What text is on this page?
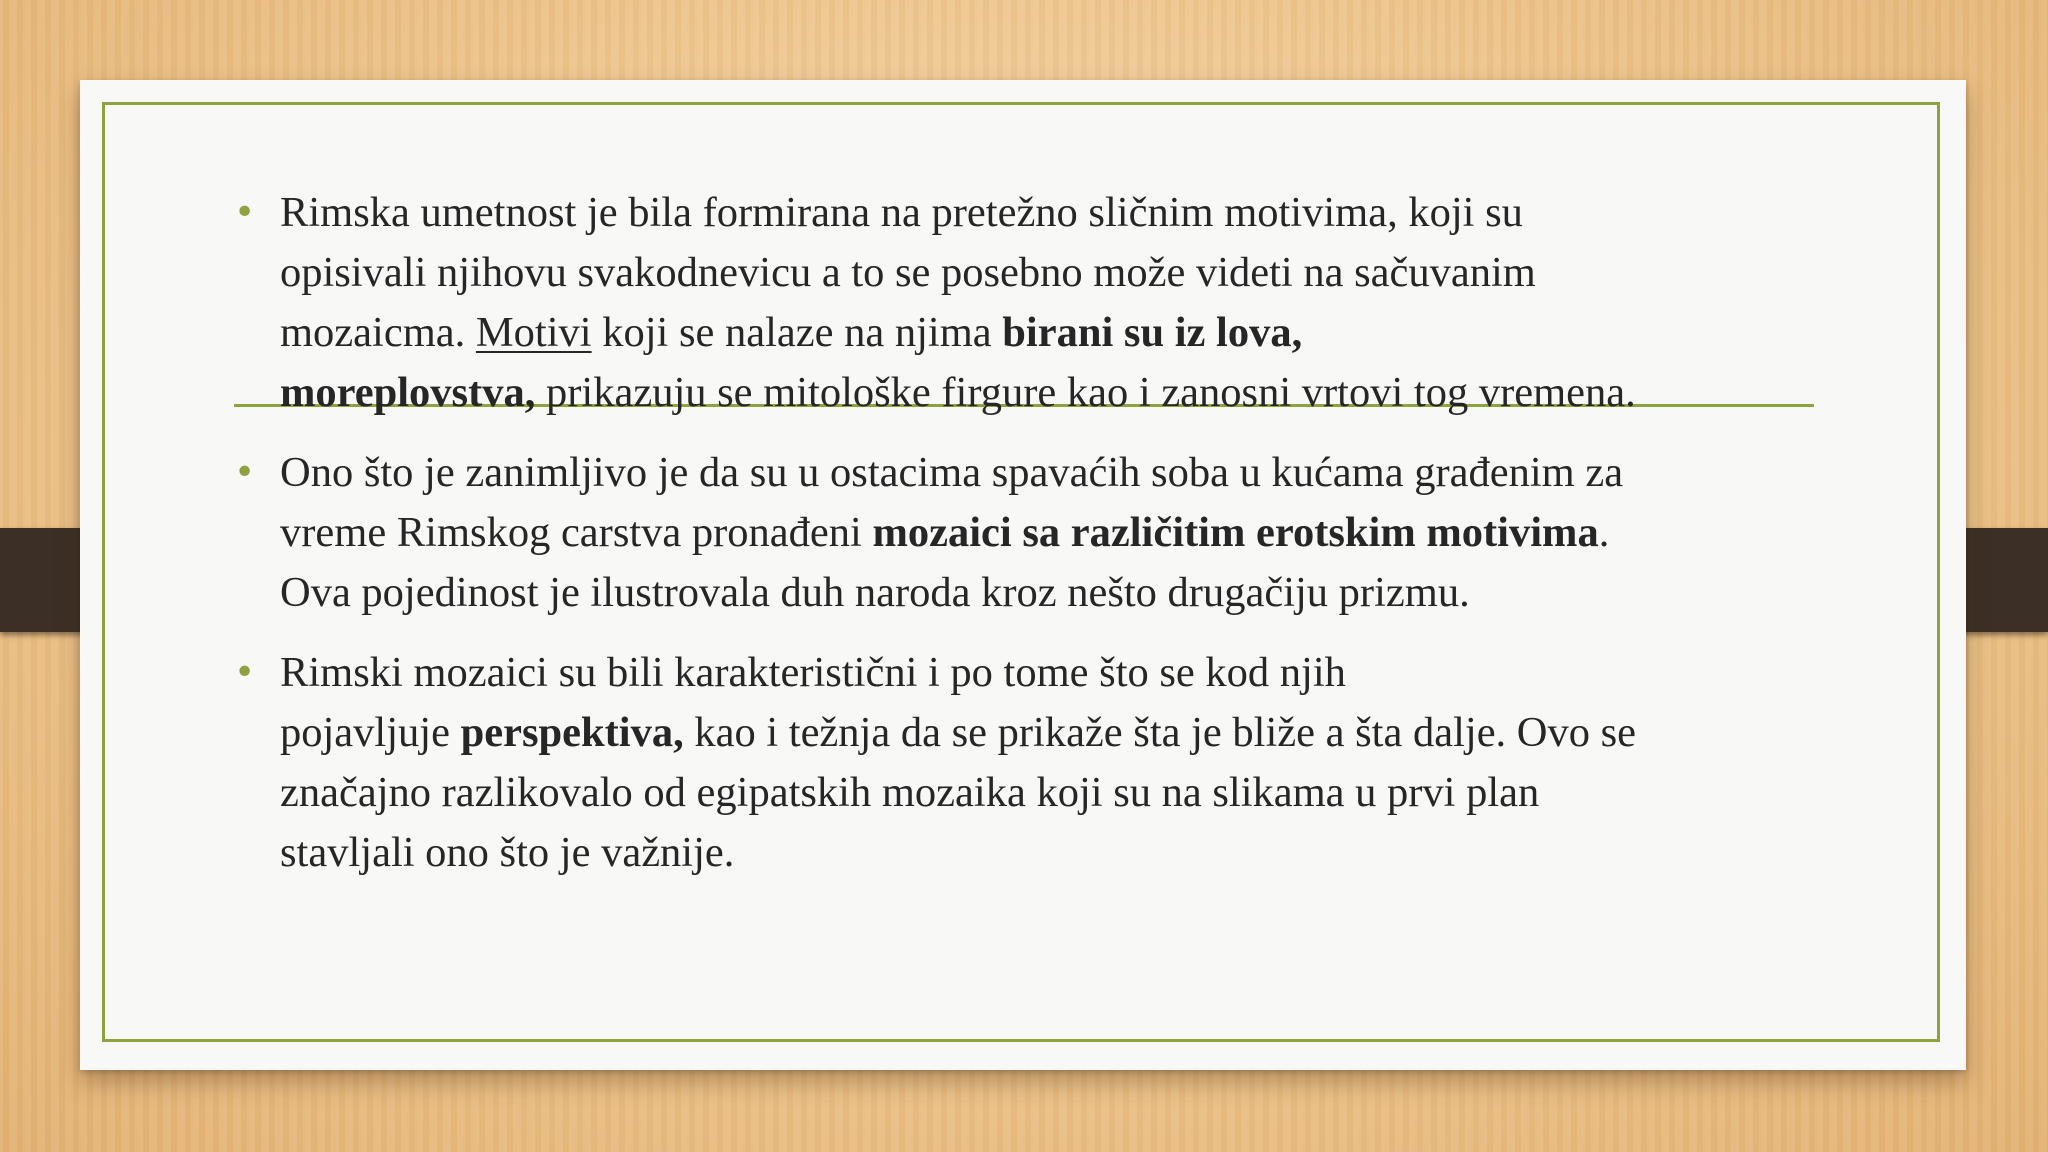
• Rimska umetnost je bila formirana na pretežno sličnim motivima, koji su
opisivali njihovu svakodnevicu a to se posebno može videti na sačuvanim
mozaicma. Motivi koji se nalaze na njima birani su iz lova,
moreplovstva, prikazuju se mitološke firgure kao i zanosni vrtovi tog vremena.

• Ono što je zanimljivo je da su u ostacima spavaćih soba u kućama građenim za
vreme Rimskog carstva pronađeni mozaici sa različitim erotskim motivima.
Ova pojedinost je ilustrovala duh naroda kroz nešto drugačiju prizmu.

• Rimski mozaici su bili karakteristični i po tome što se kod njih
pojavljuje perspektiva, kao i težnja da se prikaže šta je bliže a šta dalje. Ovo se
značajno razlikovalo od egipatskih mozaika koji su na slikama u prvi plan
stavljali ono što je važnije.
